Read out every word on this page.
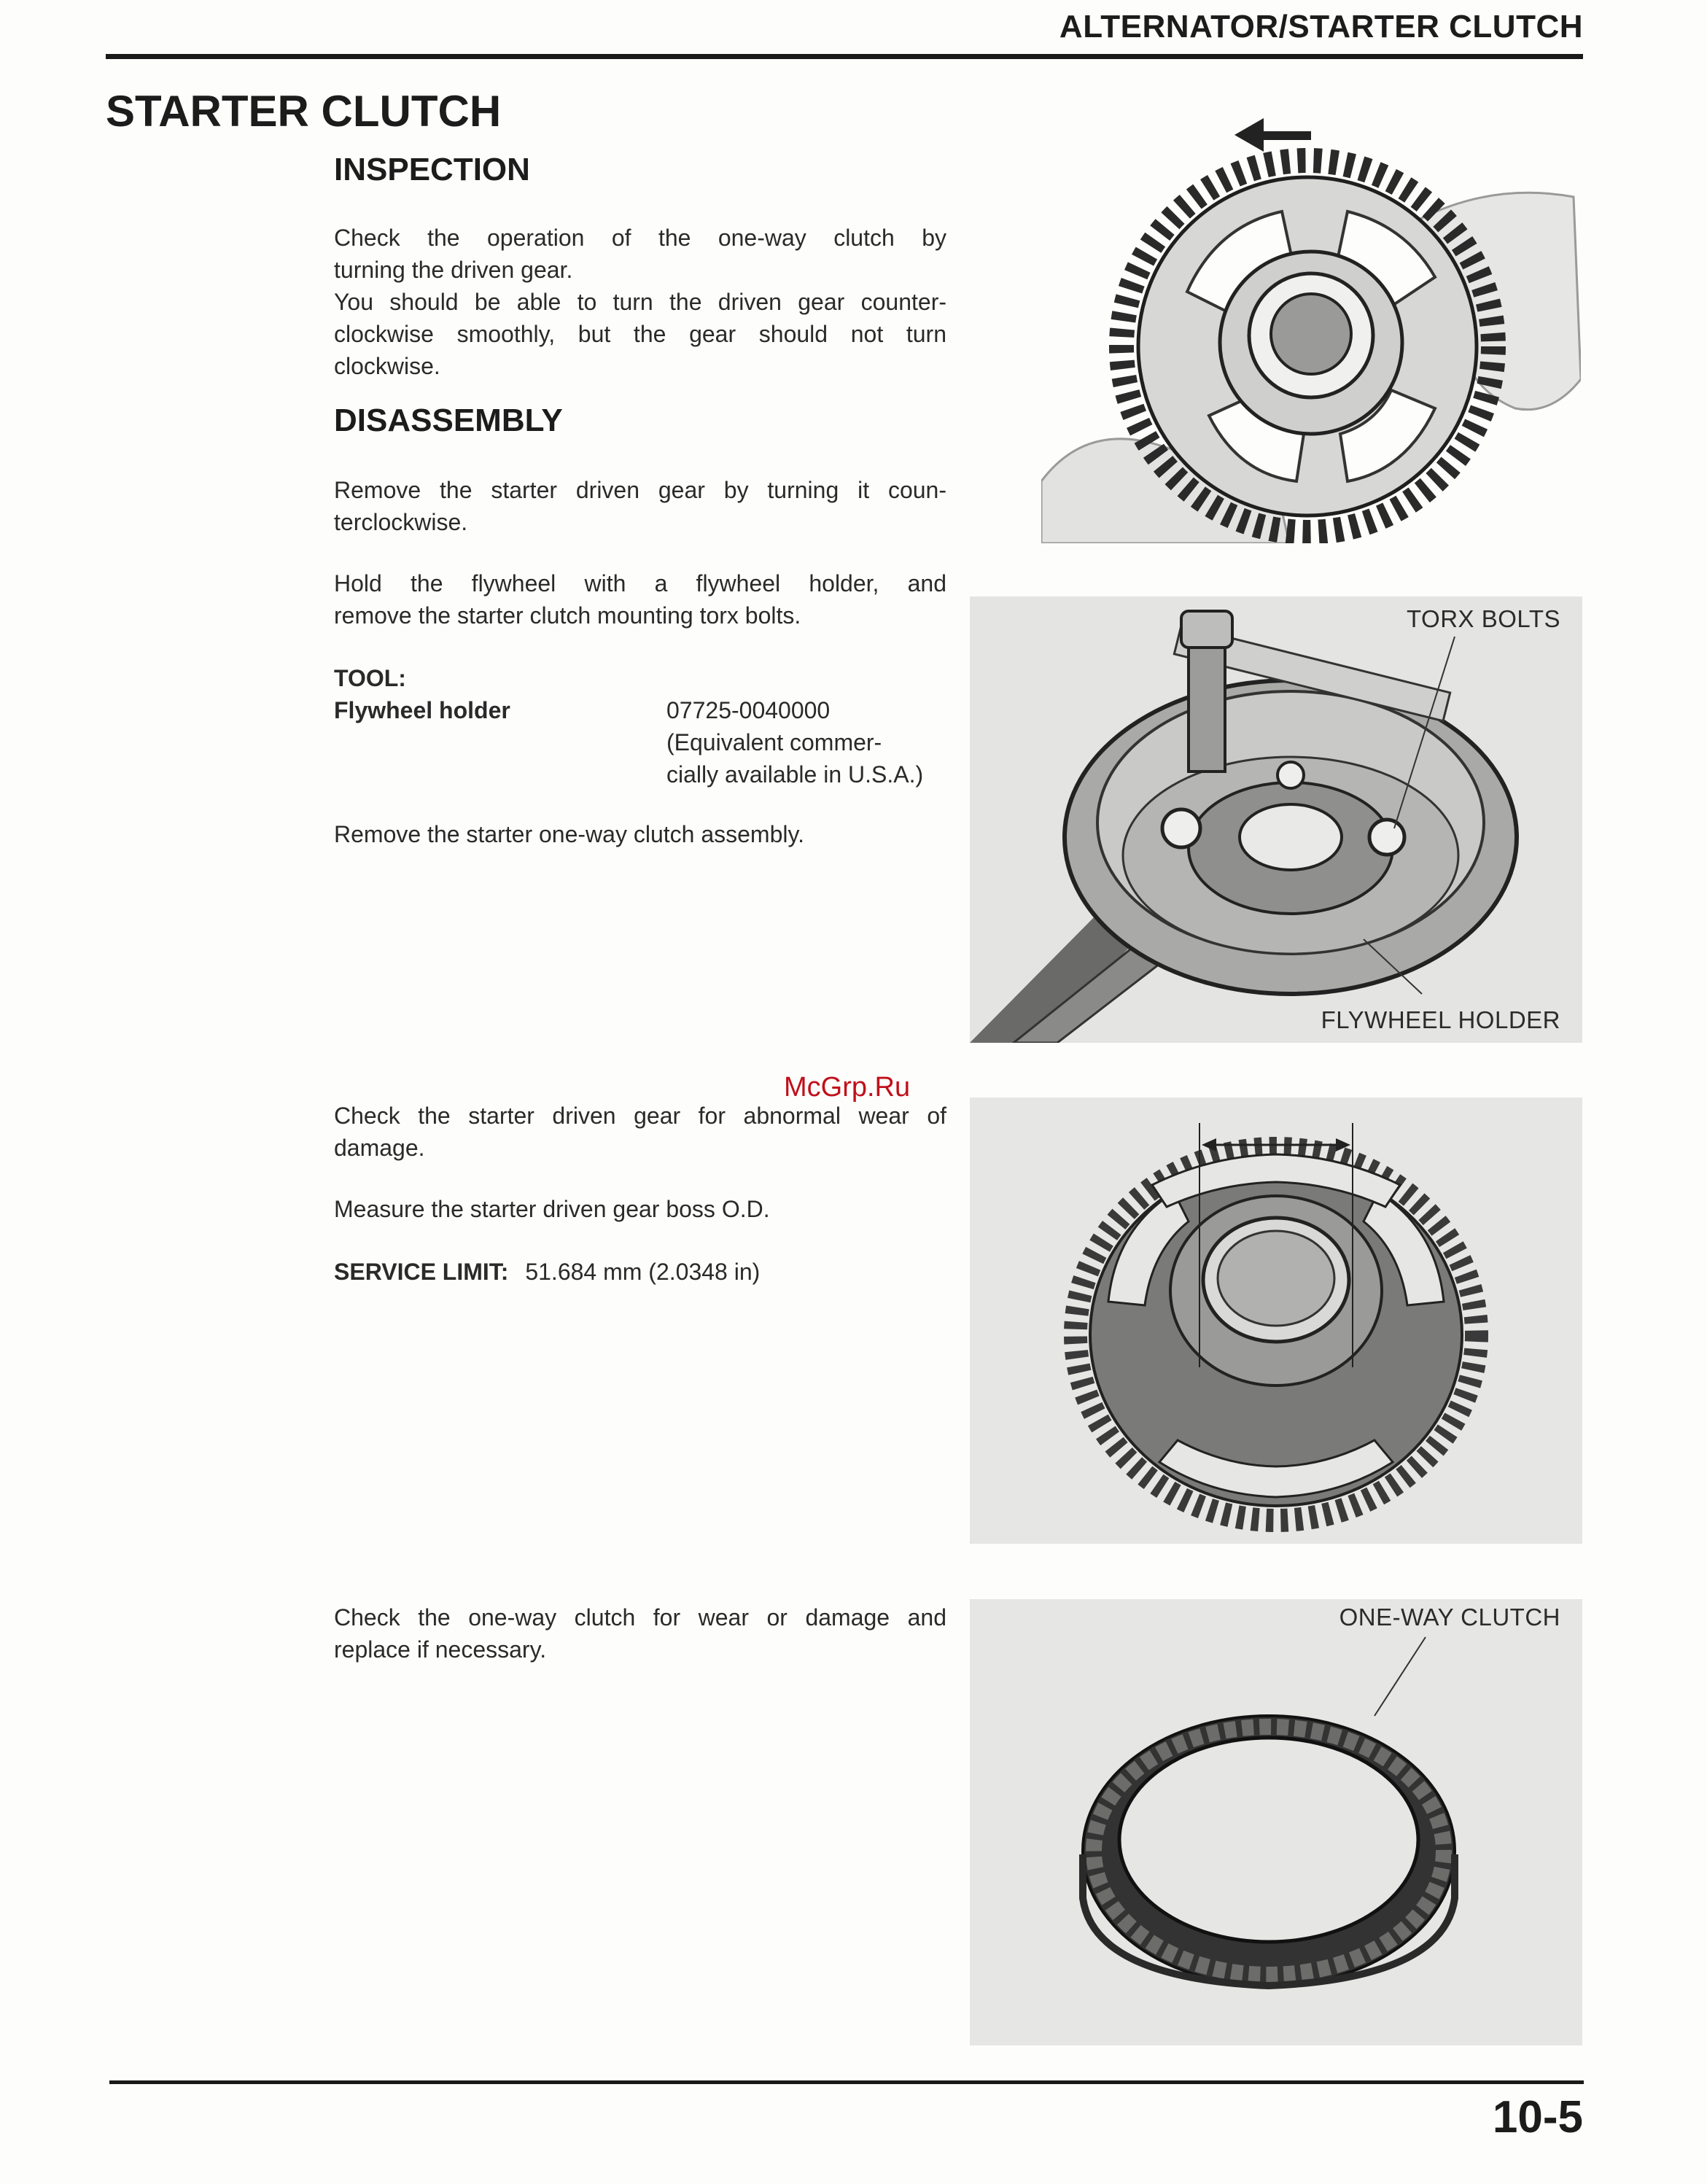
ALTERNATOR/STARTER CLUTCH
STARTER CLUTCH
INSPECTION
Check the operation of the one-way clutch by
turning the driven gear.
You should be able to turn the driven gear counter-
clockwise smoothly, but the gear should not turn
clockwise.
DISASSEMBLY
Remove the starter driven gear by turning it coun-
terclockwise.
Hold the flywheel with a flywheel holder, and
remove the starter clutch mounting torx bolts.
TOOL:
Flywheel holder	07725-0040000
(Equivalent commer-
cially available in U.S.A.)
Remove the starter one-way clutch assembly.
McGrp.Ru
Check the starter driven gear for abnormal wear of
damage.
Measure the starter driven gear boss O.D.
SERVICE LIMIT: 51.684 mm (2.0348 in)
Check the one-way clutch for wear or damage and
replace if necessary.
TORX BOLTS
FLYWHEEL HOLDER
ONE-WAY CLUTCH
10-5
